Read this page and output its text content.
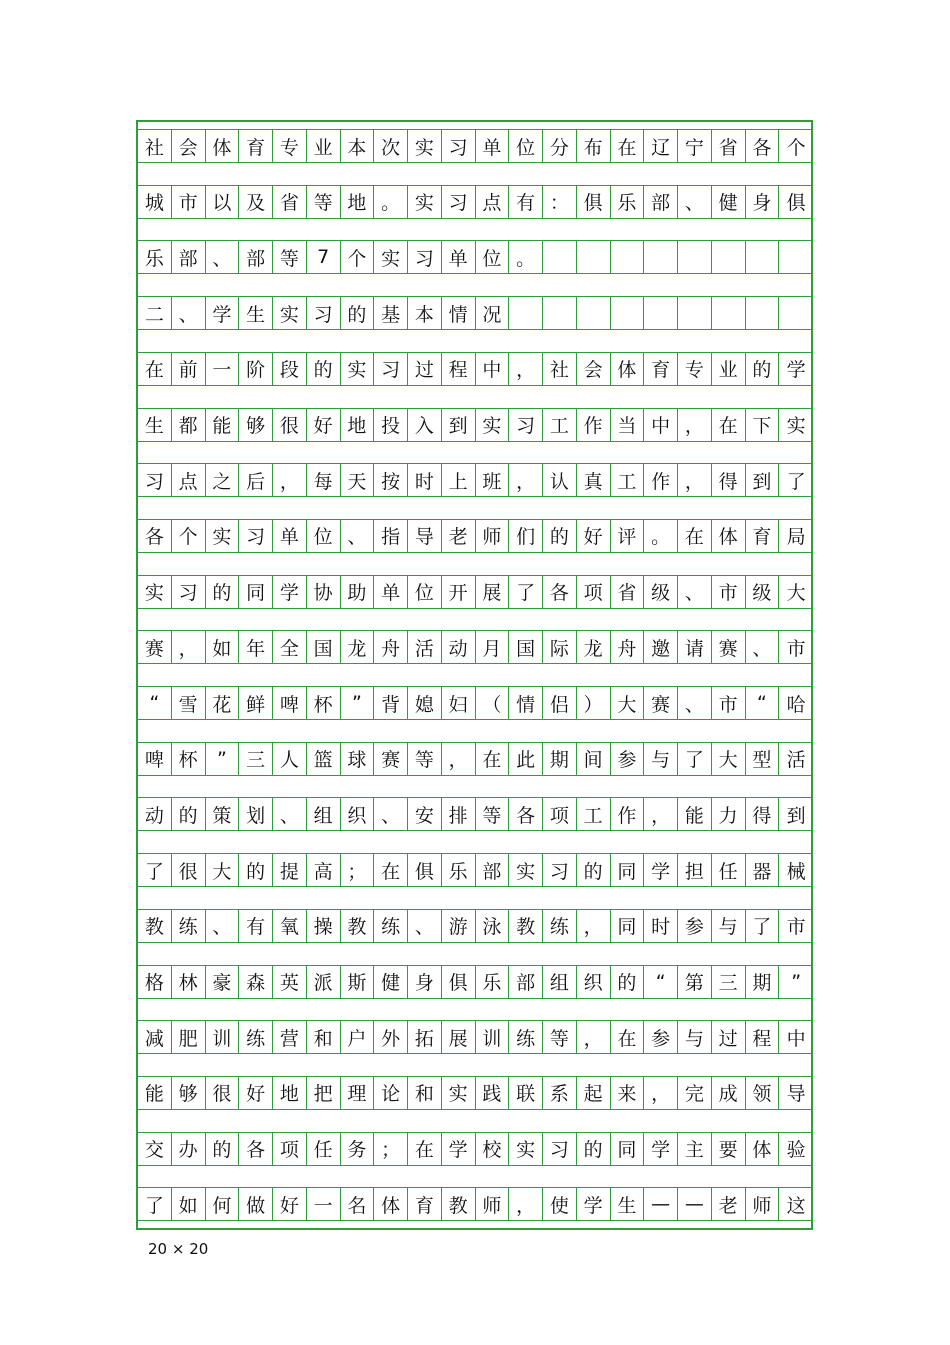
社 会 体 育 专 业 本 次 实 习 单 位 分 布 在 辽 宁 省 各 个
城 市 以 及 省 等 地 。 实 习 点 有 ： 俱 乐 部 、 健 身 俱
乐 部 、 部 等 7 个 实 习 单 位 。
二 、 学 生 实 习 的 基 本 情 况
在 前 一 阶 段 的 实 习 过 程 中 ， 社 会 体 育 专 业 的 学
生 都 能 够 很 好 地 投 入 到 实 习 工 作 当 中 ， 在 下 实
习 点 之 后 ， 每 天 按 时 上 班 ， 认 真 工 作 ， 得 到 了
各 个 实 习 单 位 、 指 导 老 师 们 的 好 评 。 在 体 育 局
实 习 的 同 学 协 助 单 位 开 展 了 各 项 省 级 、 市 级 大
赛 ， 如 年 全 国 龙 舟 活 动 月 国 际 龙 舟 邀 请 赛 、 市
“	雪 花 鲜 啤 杯	”	背 媳 妇 （ 情 侣 ） 大 赛 、 市	“	哈
啤 杯	”	三 人 篮 球 赛 等 ， 在 此 期 间 参 与 了 大 型 活
动 的 策 划 、 组 织 、 安 排 等 各 项 工 作 ， 能 力 得 到
了 很 大 的 提 高 ； 在 俱 乐 部 实 习 的 同 学 担 任 器 械
教 练 、 有 氧 操 教 练 、 游 泳 教 练 ， 同 时 参 与 了 市
格 林 豪 森 英 派 斯 健 身 俱 乐 部 组 织 的	“	第 三 期	”
减 肥 训 练 营 和 户 外 拓 展 训 练 等 ， 在 参 与 过 程 中
能 够 很 好 地 把 理 论 和 实 践 联 系 起 来 ， 完 成 领 导
交 办 的 各 项 任 务 ； 在 学 校 实 习 的 同 学 主 要 体 验
了 如 何 做 好 一 名 体 育 教 师 ， 使 学 生 — — 老 师 这
20 × 20
